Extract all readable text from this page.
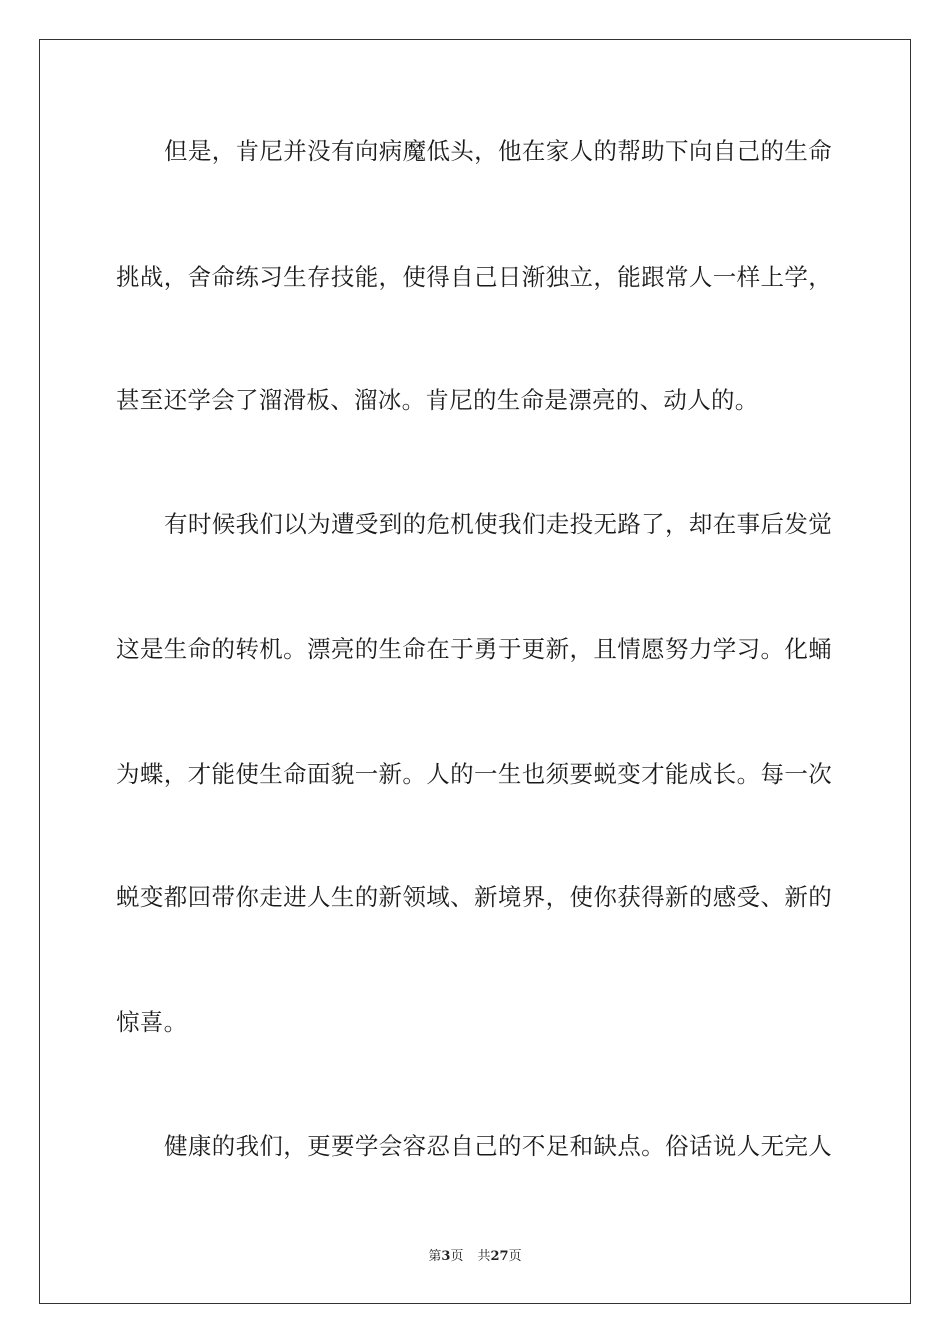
但是，肯尼并没有向病魔低头，他在家人的帮助下向自己的生命
挑战，舍命练习生存技能，使得自己日渐独立，能跟常人一样上学，
甚至还学会了溜滑板、溜冰。肯尼的生命是漂亮的、动人的。
有时候我们以为遭受到的危机使我们走投无路了，却在事后发觉
这是生命的转机。漂亮的生命在于勇于更新，且情愿努力学习。化蛹
为蝶，才能使生命面貌一新。人的一生也须要蜕变才能成长。每一次
蜕变都回带你走进人生的新领域、新境界，使你获得新的感受、新的
惊喜。
健康的我们，更要学会容忍自己的不足和缺点。俗话说人无完人
第3页 共27页
